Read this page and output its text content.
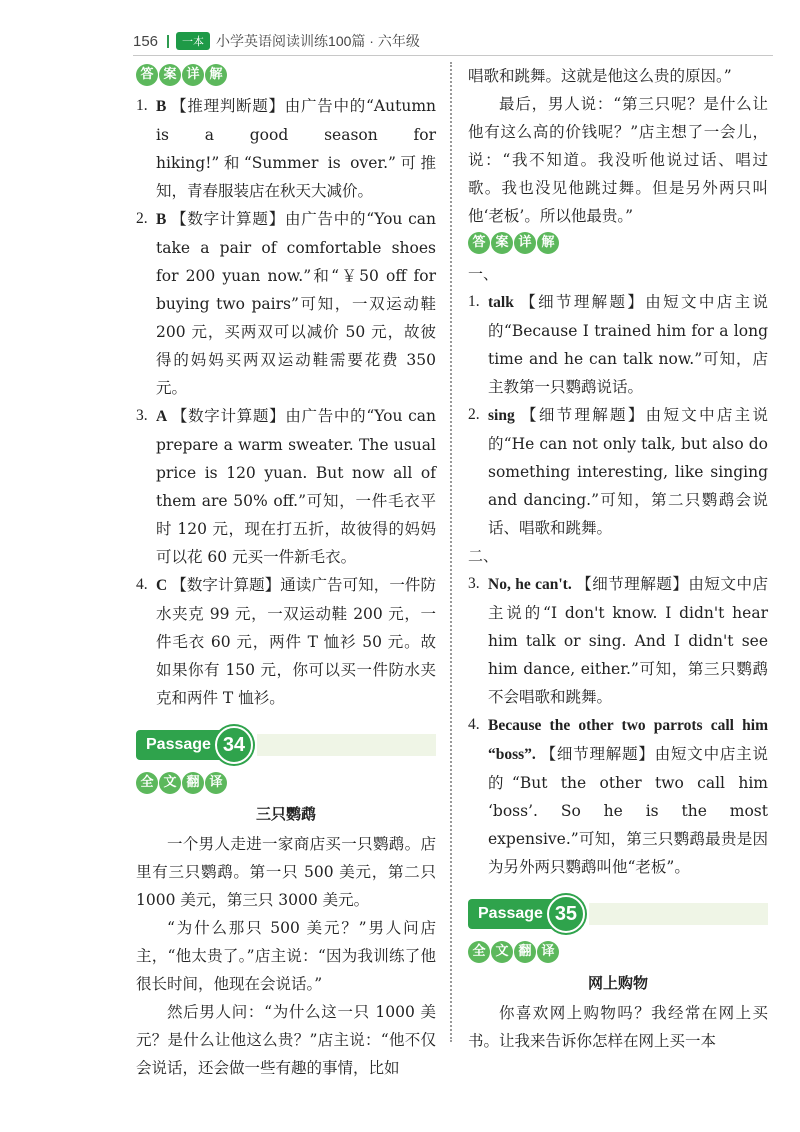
156	一本 小学英语阅读训练100篇 · 六年级
答 案 详 解
1. B 【推理判断题】由广告中的“Autumn is a good season for hiking!”和“Summer is over.”可推知，青春服装店在秋天大减价。
2. B 【数字计算题】由广告中的“You can take a pair of comfortable shoes for 200 yuan now.”和“￥50 off for buying two pairs”可知，一双运动鞋 200 元，买两双可以减价 50 元，故彼得的妈妈买两双运动鞋需要花费 350 元。
3. A 【数字计算题】由广告中的“You can prepare a warm sweater. The usual price is 120 yuan. But now all of them are 50% off.”可知，一件毛衣平时 120 元，现在打五折，故彼得的妈妈可以花 60 元买一件新毛衣。
4. C 【数字计算题】通读广告可知，一件防水夹克 99 元，一双运动鞋 200 元，一件毛衣 60 元，两件 T 恤衫 50 元。故如果你有 150 元，你可以买一件防水夹克和两件 T 恤衫。
Passage 34
全 文 翻 译
三只鹦鹉
一个男人走进一家商店买一只鹦鹉。店里有三只鹦鹉。第一只 500 美元，第二只 1000 美元，第三只 3000 美元。
“为什么那只 500 美元？”男人问店主，“他太贵了。”店主说：“因为我训练了他很长时间，他现在会说话。”
然后男人问：“为什么这一只 1000 美元？是什么让他这么贵？”店主说：“他不仅会说话，还会做一些有趣的事情，比如
唱歌和跳舞。这就是他这么贵的原因。”
最后，男人说：“第三只呢？是什么让他有这么高的价钱呢？”店主想了一会儿，说：“我不知道。我没听他说过话、唱过歌。我也没见他跳过舞。但是另外两只叫他‘老板’。所以他最贵。”
答 案 详 解
一、
1. talk 【细节理解题】由短文中店主说的“Because I trained him for a long time and he can talk now.”可知，店主教第一只鹦鹉说话。
2. sing 【细节理解题】由短文中店主说的“He can not only talk, but also do something interesting, like singing and dancing.”可知，第二只鹦鹉会说话、唱歌和跳舞。
二、
3. No, he can't. 【细节理解题】由短文中店主说的“I don't know. I didn't hear him talk or sing. And I didn't see him dance, either.”可知，第三只鹦鹉不会唱歌和跳舞。
4. Because the other two parrots call him “boss”. 【细节理解题】由短文中店主说的“But the other two call him ‘boss’. So he is the most expensive.”可知，第三只鹦鹉最贵是因为另外两只鹦鹉叫他“老板”。
Passage 35
全 文 翻 译
网上购物
你喜欢网上购物吗？我经常在网上买书。让我来告诉你怎样在网上买一本
